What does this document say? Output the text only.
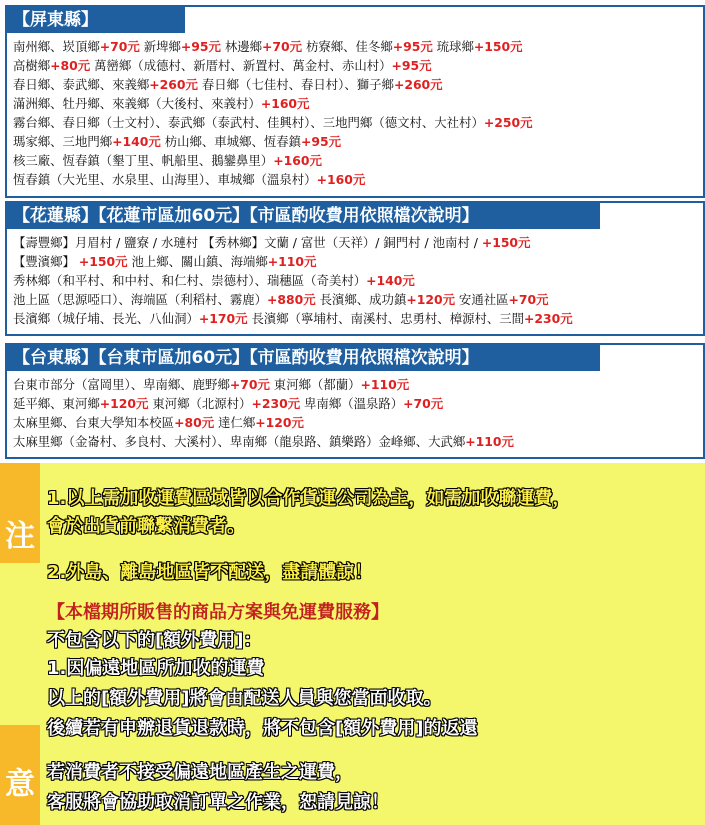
【屏東縣】
南州鄉、崁頂鄉+70元 新埤鄉+95元 林邊鄉+70元 枋寮鄉、佳冬鄉+95元 琉球鄉+150元
高樹鄉+80元 萬巒鄉（成德村、新厝村、新置村、萬金村、赤山村）+95元
春日鄉、泰武鄉、來義鄉+260元 春日鄉（七佳村、春日村）、獅子鄉+260元
滿洲鄉、牡丹鄉、來義鄉（大後村、來義村）+160元
霧台鄉、春日鄉（士文村）、泰武鄉（泰武村、佳興村）、三地門鄉（德文村、大社村）+250元
瑪家鄉、三地門鄉+140元 枋山鄉、車城鄉、恆春鎮+95元
核三廠、恆春鎮（墾丁里、帆船里、鵝鑾鼻里）+160元
恆春鎮（大光里、水泉里、山海里）、車城鄉（溫泉村）+160元
【花蓮縣】【花蓮市區加60元】【市區酌收費用依照檔次說明】
【壽豐鄉】月眉村 / 鹽寮 / 水璉村 【秀林鄉】文蘭 / 富世（天祥）/ 銅門村 / 池南村 / +150元
【豐濱鄉】 +150元 池上鄉、關山鎮、海端鄉+110元
秀林鄉（和平村、和中村、和仁村、崇德村）、瑞穗區（奇美村）+140元
池上區（思源啞口）、海端區（利稻村、霧鹿）+880元 長濱鄉、成功鎮+120元 安通社區+70元
長濱鄉（城仔埔、長光、八仙洞）+170元 長濱鄉（寧埔村、南溪村、忠勇村、樟源村、三間+230元
【台東縣】【台東市區加60元】【市區酌收費用依照檔次說明】
台東市部分（富岡里）、卑南鄉、鹿野鄉+70元 東河鄉（都蘭）+110元
延平鄉、東河鄉+120元 東河鄉（北源村）+230元 卑南鄉（溫泉路）+70元
太麻里鄉、台東大學知本校區+80元 達仁鄉+120元
太麻里鄉（金崙村、多良村、大溪村）、卑南鄉（龍泉路、鎮樂路）金峰鄉、大武鄉+110元
注
意
1.以上需加收運費區域皆以合作貨運公司為主，如需加收聯運費，
會於出貨前聯繫消費者。
2.外島、離島地區皆不配送，盡請體諒！
【本檔期所販售的商品方案與免運費服務】
不包含以下的[額外費用]：
1.因偏遠地區所加收的運費
以上的[額外費用]將會由配送人員與您當面收取。
後續若有申辦退貨退款時，將不包含[額外費用]的返還
若消費者不接受偏遠地區產生之運費，
客服將會協助取消訂單之作業，恕請見諒！
